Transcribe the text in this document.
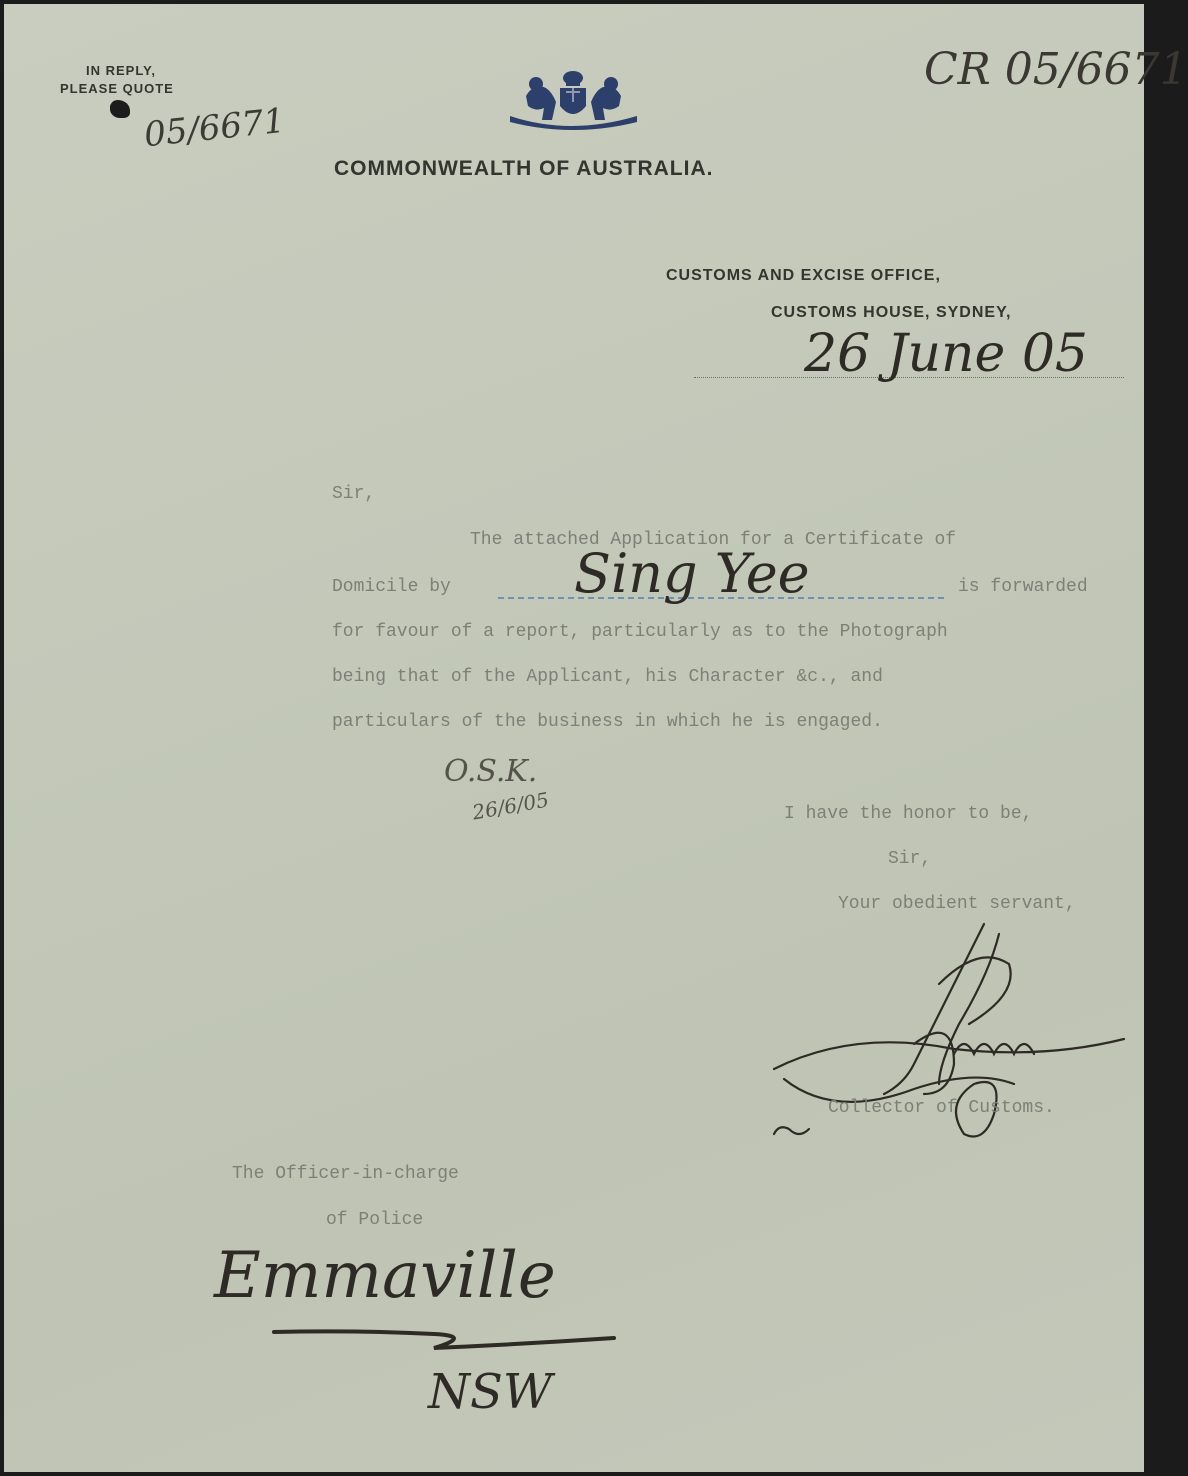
IN REPLY,
PLEASE QUOTE
05/6671
CR 05/6671
COMMONWEALTH OF AUSTRALIA.
CUSTOMS AND EXCISE OFFICE,
CUSTOMS HOUSE, SYDNEY,
26 June 05
Sir,
The attached Application for a Certificate of
Domicile by Sing Yee	is forwarded
for favour of a report, particularly as to the Photograph
being that of the Applicant, his Character &c., and
particulars of the business in which he is engaged.
O.S.K.
26/6/05	I have the honor to be,
Sir,
Your obedient servant,
Collector of Customs.
The Officer-in-charge
of Police
Emmaville
NSW
